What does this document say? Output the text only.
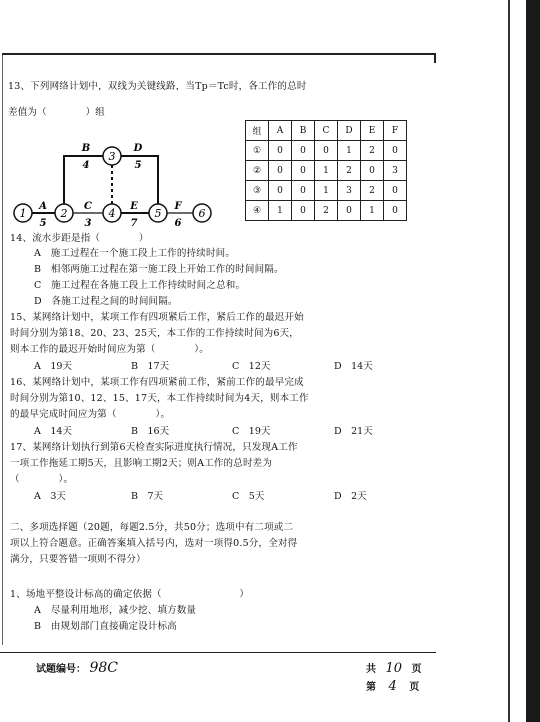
13、下列网络计划中，双线为关键线路，当Tp＝Tc时，各工作的总时
差值为（　　　　）组
1	2
3
4	5	6
A
5
B
4
C
3
D
5
E
7
F
6
组	A	B	C	D	E	F
①	0	0	0	1	2	0
②	0	0	1	2	0	3
③	0	0	1	3	2	0
④	1	0	2	0	1	0
14、流水步距是指（　　　　）
A　施工过程在一个施工段上工作的持续时间。
B　相邻两施工过程在第一施工段上开始工作的时间间隔。
C　施工过程在各施工段上工作持续时间之总和。
D　各施工过程之间的时间间隔。
15、某网络计划中，某项工作有四项紧后工作，紧后工作的最迟开始
时间分别为第18、20、23、25天，本工作的工作持续时间为6天，
则本工作的最迟开始时间应为第（　　　　）。
A　19天	B　17天	C　12天	D　14天
16、某网络计划中，某项工作有四项紧前工作，紧前工作的最早完成
时间分别为第10、12、15、17天，本工作持续时间为4天，则本工作
的最早完成时间应为第（　　　　）。
A　14天	B　16天	C　19天	D　21天
17、某网络计划执行到第6天检查实际进度执行情况，只发现A工作
一项工作拖延工期5天，且影响工期2天；则A工作的总时差为
（　　　　）。
A　3天	B　7天	C　5天	D　2天
二、多项选择题（20题，每题2.5分，共50分；选项中有二项或二
项以上符合题意。正确答案填入括号内，选对一项得0.5分，全对得
满分，只要答错一项则不得分）
1、场地平整设计标高的确定依据（　　　　　　　　）
A　尽量利用地形，减少挖、填方数量
B　由规划部门直接确定设计标高
试题编号： 98C	共 10 页
第 4 页
